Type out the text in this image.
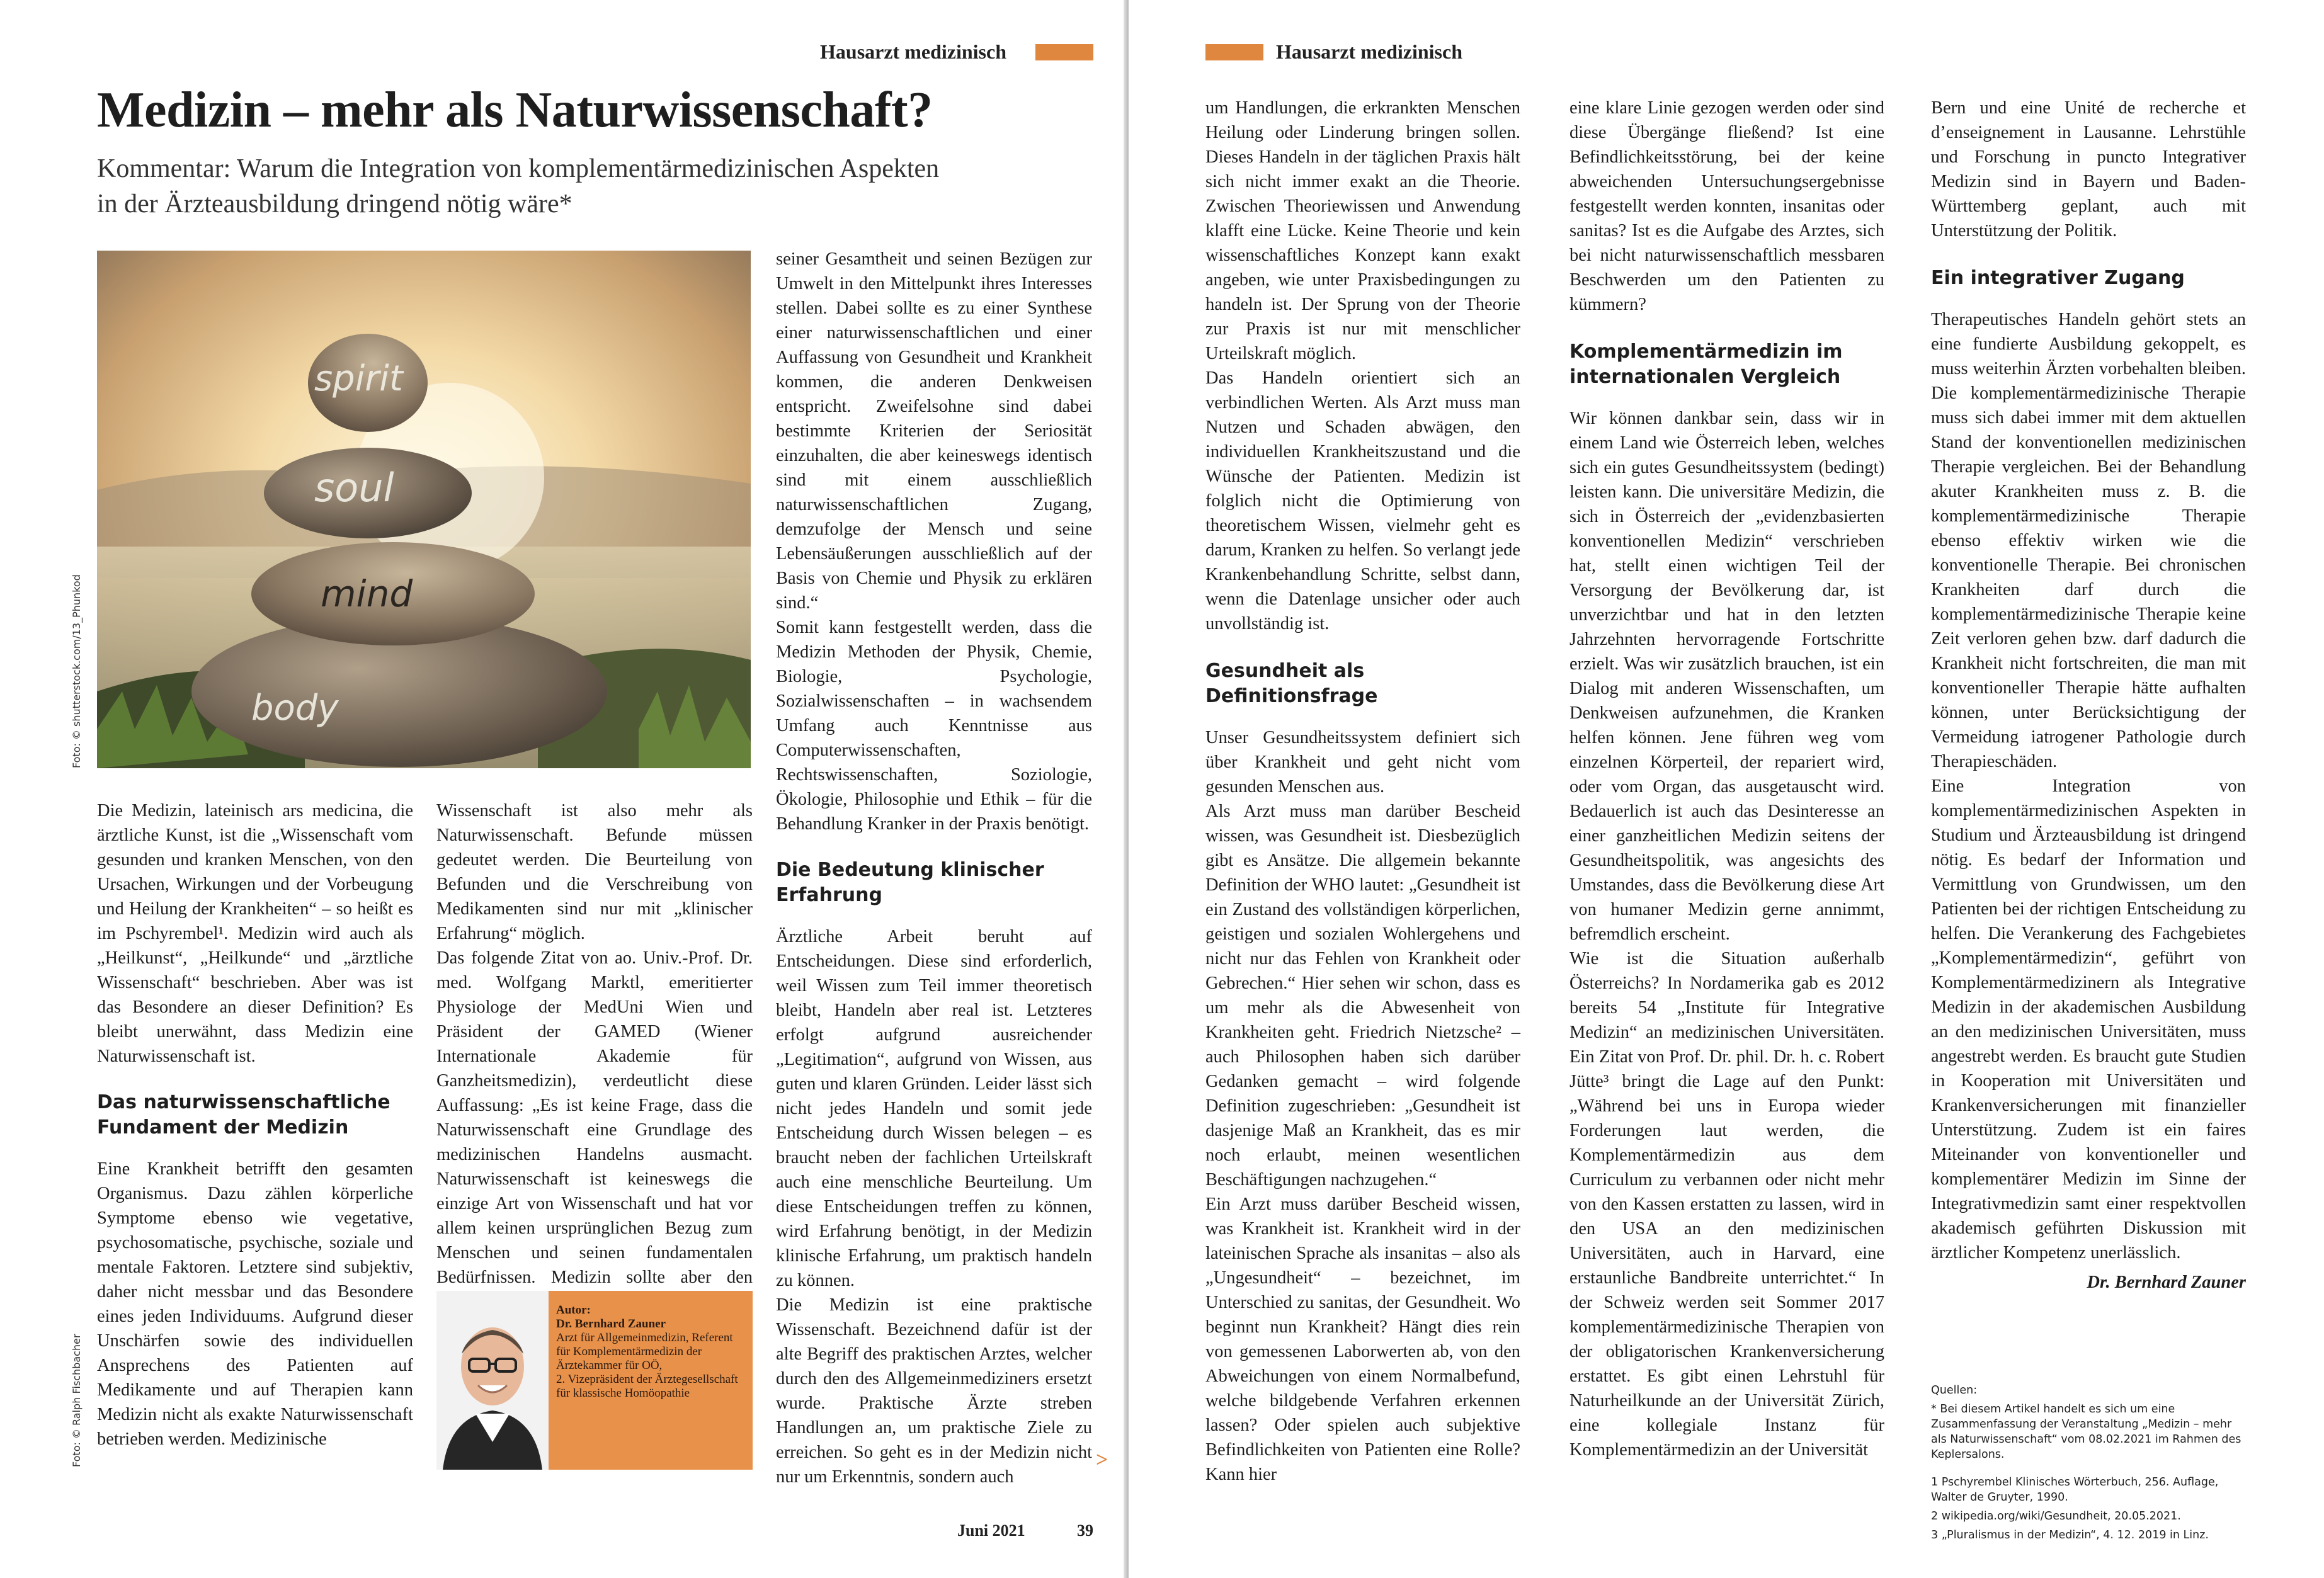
Hausarzt medizinisch
Medizin – mehr als Naturwissenschaft?
Kommentar: Warum die Integration von komplementärmedizinischen Aspekten
in der Ärzteausbildung dringend nötig wäre*
Foto: © shutterstock.com/13_Phunkod
spirit
soul
mind
body

Die Medizin, lateinisch ars medicina, die ärztliche Kunst, ist die „Wissenschaft vom gesunden und kranken Menschen, von den Ursachen, Wirkungen und der Vorbeugung und Heilung der Krankheiten“ – so heißt es im Pschyrembel¹. Medizin wird auch als „Heilkunst“, „Heilkunde“ und „ärztliche Wissenschaft“ beschrieben. Aber was ist das Besondere an dieser Definition? Es bleibt unerwähnt, dass Medizin eine Naturwissenschaft ist.

Das naturwissenschaftliche Fundament der Medizin

Eine Krankheit betrifft den gesamten Organismus. Dazu zählen körperliche Symptome ebenso wie vegetative, psychosomatische, psychische, soziale und mentale Faktoren. Letztere sind subjektiv, daher nicht messbar und das Besondere eines jeden Individuums. Aufgrund dieser Unschärfen sowie des individuellen Ansprechens des Patienten auf Medikamente und auf Therapien kann Medizin nicht als exakte Naturwissenschaft betrieben werden. Medizinische

Wissenschaft ist also mehr als Naturwissenschaft. Befunde müssen gedeutet werden. Die Beurteilung von Befunden und die Verschreibung von Medikamenten sind nur mit „klinischer Erfahrung“ möglich.

Das folgende Zitat von ao. Univ.-Prof. Dr. med. Wolfgang Marktl, emeritierter Physiologe der MedUni Wien und Präsident der GAMED (Wiener Internationale Akademie für Ganzheitsmedizin), verdeutlicht diese Auffassung: „Es ist keine Frage, dass die Naturwissenschaft eine Grundlage des medizinischen Handelns ausmacht. Naturwissenschaft ist keineswegs die einzige Art von Wissenschaft und hat vor allem keinen ursprünglichen Bezug zum Menschen und seinen fundamentalen Bedürfnissen. Medizin sollte aber den

Autor:
Dr. Bernhard Zauner
Arzt für Allgemeinmedizin, Referent für Komplementärmedizin der Ärztekammer für OÖ,
2. Vizepräsident der Ärztegesellschaft für klassische Homöopathie
Foto: © Ralph Fischbacher

seiner Gesamtheit und seinen Bezügen zur Umwelt in den Mittelpunkt ihres Interesses stellen. Dabei sollte es zu einer Synthese einer naturwissenschaftlichen und einer Auffassung von Gesundheit und Krankheit kommen, die anderen Denkweisen entspricht. Zweifelsohne sind dabei bestimmte Kriterien der Seriosität einzuhalten, die aber keineswegs identisch sind mit einem ausschließlich naturwissenschaftlichen Zugang, demzufolge der Mensch und seine Lebensäußerungen ausschließlich auf der Basis von Chemie und Physik zu erklären sind.“

Somit kann festgestellt werden, dass die Medizin Methoden der Physik, Chemie, Biologie, Psychologie, Sozialwissenschaften – in wachsendem Umfang auch Kenntnisse aus Computerwissenschaften, Rechtswissenschaften, Soziologie, Ökologie, Philosophie und Ethik – für die Behandlung Kranker in der Praxis benötigt.

Die Bedeutung klinischer Erfahrung

Ärztliche Arbeit beruht auf Entscheidungen. Diese sind erforderlich, weil Wissen zum Teil immer theoretisch bleibt, Handeln aber real ist. Letzteres erfolgt aufgrund ausreichender „Legitimation“, aufgrund von Wissen, aus guten und klaren Gründen. Leider lässt sich nicht jedes Handeln und somit jede Entscheidung durch Wissen belegen – es braucht neben der fachlichen Urteilskraft auch eine menschliche Beurteilung. Um diese Entscheidungen treffen zu können, wird Erfahrung benötigt, in der Medizin klinische Erfahrung, um praktisch handeln zu können.

Die Medizin ist eine praktische Wissenschaft. Bezeichnend dafür ist der alte Begriff des praktischen Arztes, welcher durch den des Allgemeinmediziners ersetzt wurde. Praktische Ärzte streben Handlungen an, um praktische Ziele zu erreichen. So geht es in der Medizin nicht nur um Erkenntnis, sondern auch

>
Juni 2021	39
Hausarzt medizinisch

um Handlungen, die erkrankten Menschen Heilung oder Linderung bringen sollen. Dieses Handeln in der täglichen Praxis hält sich nicht immer exakt an die Theorie. Zwischen Theoriewissen und Anwendung klafft eine Lücke. Keine Theorie und kein wissenschaftliches Konzept kann exakt angeben, wie unter Praxisbedingungen zu handeln ist. Der Sprung von der Theorie zur Praxis ist nur mit menschlicher Urteilskraft möglich.

Das Handeln orientiert sich an verbindlichen Werten. Als Arzt muss man Nutzen und Schaden abwägen, den individuellen Krankheitszustand und die Wünsche der Patienten. Medizin ist folglich nicht die Optimierung von theoretischem Wissen, vielmehr geht es darum, Kranken zu helfen. So verlangt jede Krankenbehandlung Schritte, selbst dann, wenn die Datenlage unsicher oder auch unvollständig ist.

Gesundheit als Definitionsfrage

Unser Gesundheitssystem definiert sich über Krankheit und geht nicht vom gesunden Menschen aus.

Als Arzt muss man darüber Bescheid wissen, was Gesundheit ist. Diesbezüglich gibt es Ansätze. Die allgemein bekannte Definition der WHO lautet: „Gesundheit ist ein Zustand des vollständigen körperlichen, geistigen und sozialen Wohlergehens und nicht nur das Fehlen von Krankheit oder Gebrechen.“ Hier sehen wir schon, dass es um mehr als die Abwesenheit von Krankheiten geht. Friedrich Nietzsche² – auch Philosophen haben sich darüber Gedanken gemacht – wird folgende Definition zugeschrieben: „Gesundheit ist dasjenige Maß an Krankheit, das es mir noch erlaubt, meinen wesentlichen Beschäftigungen nachzugehen.“

Ein Arzt muss darüber Bescheid wissen, was Krankheit ist. Krankheit wird in der lateinischen Sprache als insanitas – also als „Ungesundheit“ – bezeichnet, im Unterschied zu sanitas, der Gesundheit. Wo beginnt nun Krankheit? Hängt dies rein von gemessenen Laborwerten ab, von den Abweichungen von einem Normalbefund, welche bildgebende Verfahren erkennen lassen? Oder spielen auch subjektive Befindlichkeiten von Patienten eine Rolle? Kann hier

eine klare Linie gezogen werden oder sind diese Übergänge fließend? Ist eine Befindlichkeitsstörung, bei der keine abweichenden Untersuchungsergebnisse festgestellt werden konnten, insanitas oder sanitas? Ist es die Aufgabe des Arztes, sich bei nicht naturwissenschaftlich messbaren Beschwerden um den Patienten zu kümmern?

Komplementärmedizin im internationalen Vergleich

Wir können dankbar sein, dass wir in einem Land wie Österreich leben, welches sich ein gutes Gesundheitssystem (bedingt) leisten kann. Die universitäre Medizin, die sich in Österreich der „evidenzbasierten konventionellen Medizin“ verschrieben hat, stellt einen wichtigen Teil der Versorgung der Bevölkerung dar, ist unverzichtbar und hat in den letzten Jahrzehnten hervorragende Fortschritte erzielt. Was wir zusätzlich brauchen, ist ein Dialog mit anderen Wissenschaften, um Denkweisen aufzunehmen, die Kranken helfen können. Jene führen weg vom einzelnen Körperteil, der repariert wird, oder vom Organ, das ausgetauscht wird. Bedauerlich ist auch das Desinteresse an einer ganzheitlichen Medizin seitens der Gesundheitspolitik, was angesichts des Umstandes, dass die Bevölkerung diese Art von humaner Medizin gerne annimmt, befremdlich erscheint.

Wie ist die Situation außerhalb Österreichs? In Nordamerika gab es 2012 bereits 54 „Institute für Integrative Medizin“ an medizinischen Universitäten. Ein Zitat von Prof. Dr. phil. Dr. h. c. Robert Jütte³ bringt die Lage auf den Punkt: „Während bei uns in Europa wieder Forderungen laut werden, die Komplementärmedizin aus dem Curriculum zu verbannen oder nicht mehr von den Kassen erstatten zu lassen, wird in den USA an den medizinischen Universitäten, auch in Harvard, eine erstaunliche Bandbreite unterrichtet.“ In der Schweiz werden seit Sommer 2017 komplementärmedizinische Therapien von der obligatorischen Krankenversicherung erstattet. Es gibt einen Lehrstuhl für Naturheilkunde an der Universität Zürich, eine kollegiale Instanz für Komplementärmedizin an der Universität

Bern und eine Unité de recherche et d’enseignement in Lausanne. Lehrstühle und Forschung in puncto Integrativer Medizin sind in Bayern und Baden-Württemberg geplant, auch mit Unterstützung der Politik.

Ein integrativer Zugang

Therapeutisches Handeln gehört stets an eine fundierte Ausbildung gekoppelt, es muss weiterhin Ärzten vorbehalten bleiben. Die komplementärmedizinische Therapie muss sich dabei immer mit dem aktuellen Stand der konventionellen medizinischen Therapie vergleichen. Bei der Behandlung akuter Krankheiten muss z. B. die komplementärmedizinische Therapie ebenso effektiv wirken wie die konventionelle Therapie. Bei chronischen Krankheiten darf durch die komplementärmedizinische Therapie keine Zeit verloren gehen bzw. darf dadurch die Krankheit nicht fortschreiten, die man mit konventioneller Therapie hätte aufhalten können, unter Berücksichtigung der Vermeidung iatrogener Pathologie durch Therapieschäden.

Eine Integration von komplementärmedizinischen Aspekten in Studium und Ärzteausbildung ist dringend nötig. Es bedarf der Information und Vermittlung von Grundwissen, um den Patienten bei der richtigen Entscheidung zu helfen. Die Verankerung des Fachgebietes „Komplementärmedizin“, geführt von Komplementärmedizinern als Integrative Medizin in der akademischen Ausbildung an den medizinischen Universitäten, muss angestrebt werden. Es braucht gute Studien in Kooperation mit Universitäten und Krankenversicherungen mit finanzieller Unterstützung. Zudem ist ein faires Miteinander von konventioneller und komplementärer Medizin im Sinne der Integrativmedizin samt einer respektvollen akademisch geführten Diskussion mit ärztlicher Kompetenz unerlässlich.

Dr. Bernhard Zauner

Quellen:

* Bei diesem Artikel handelt es sich um eine Zusammenfassung der Veranstaltung „Medizin – mehr als Naturwissenschaft“ vom 08.02.2021 im Rahmen des Keplersalons.

1 Pschyrembel Klinisches Wörterbuch, 256. Auflage, Walter de Gruyter, 1990.

2 wikipedia.org/wiki/Gesundheit, 20.05.2021.

3 „Pluralismus in der Medizin“, 4. 12. 2019 in Linz.
